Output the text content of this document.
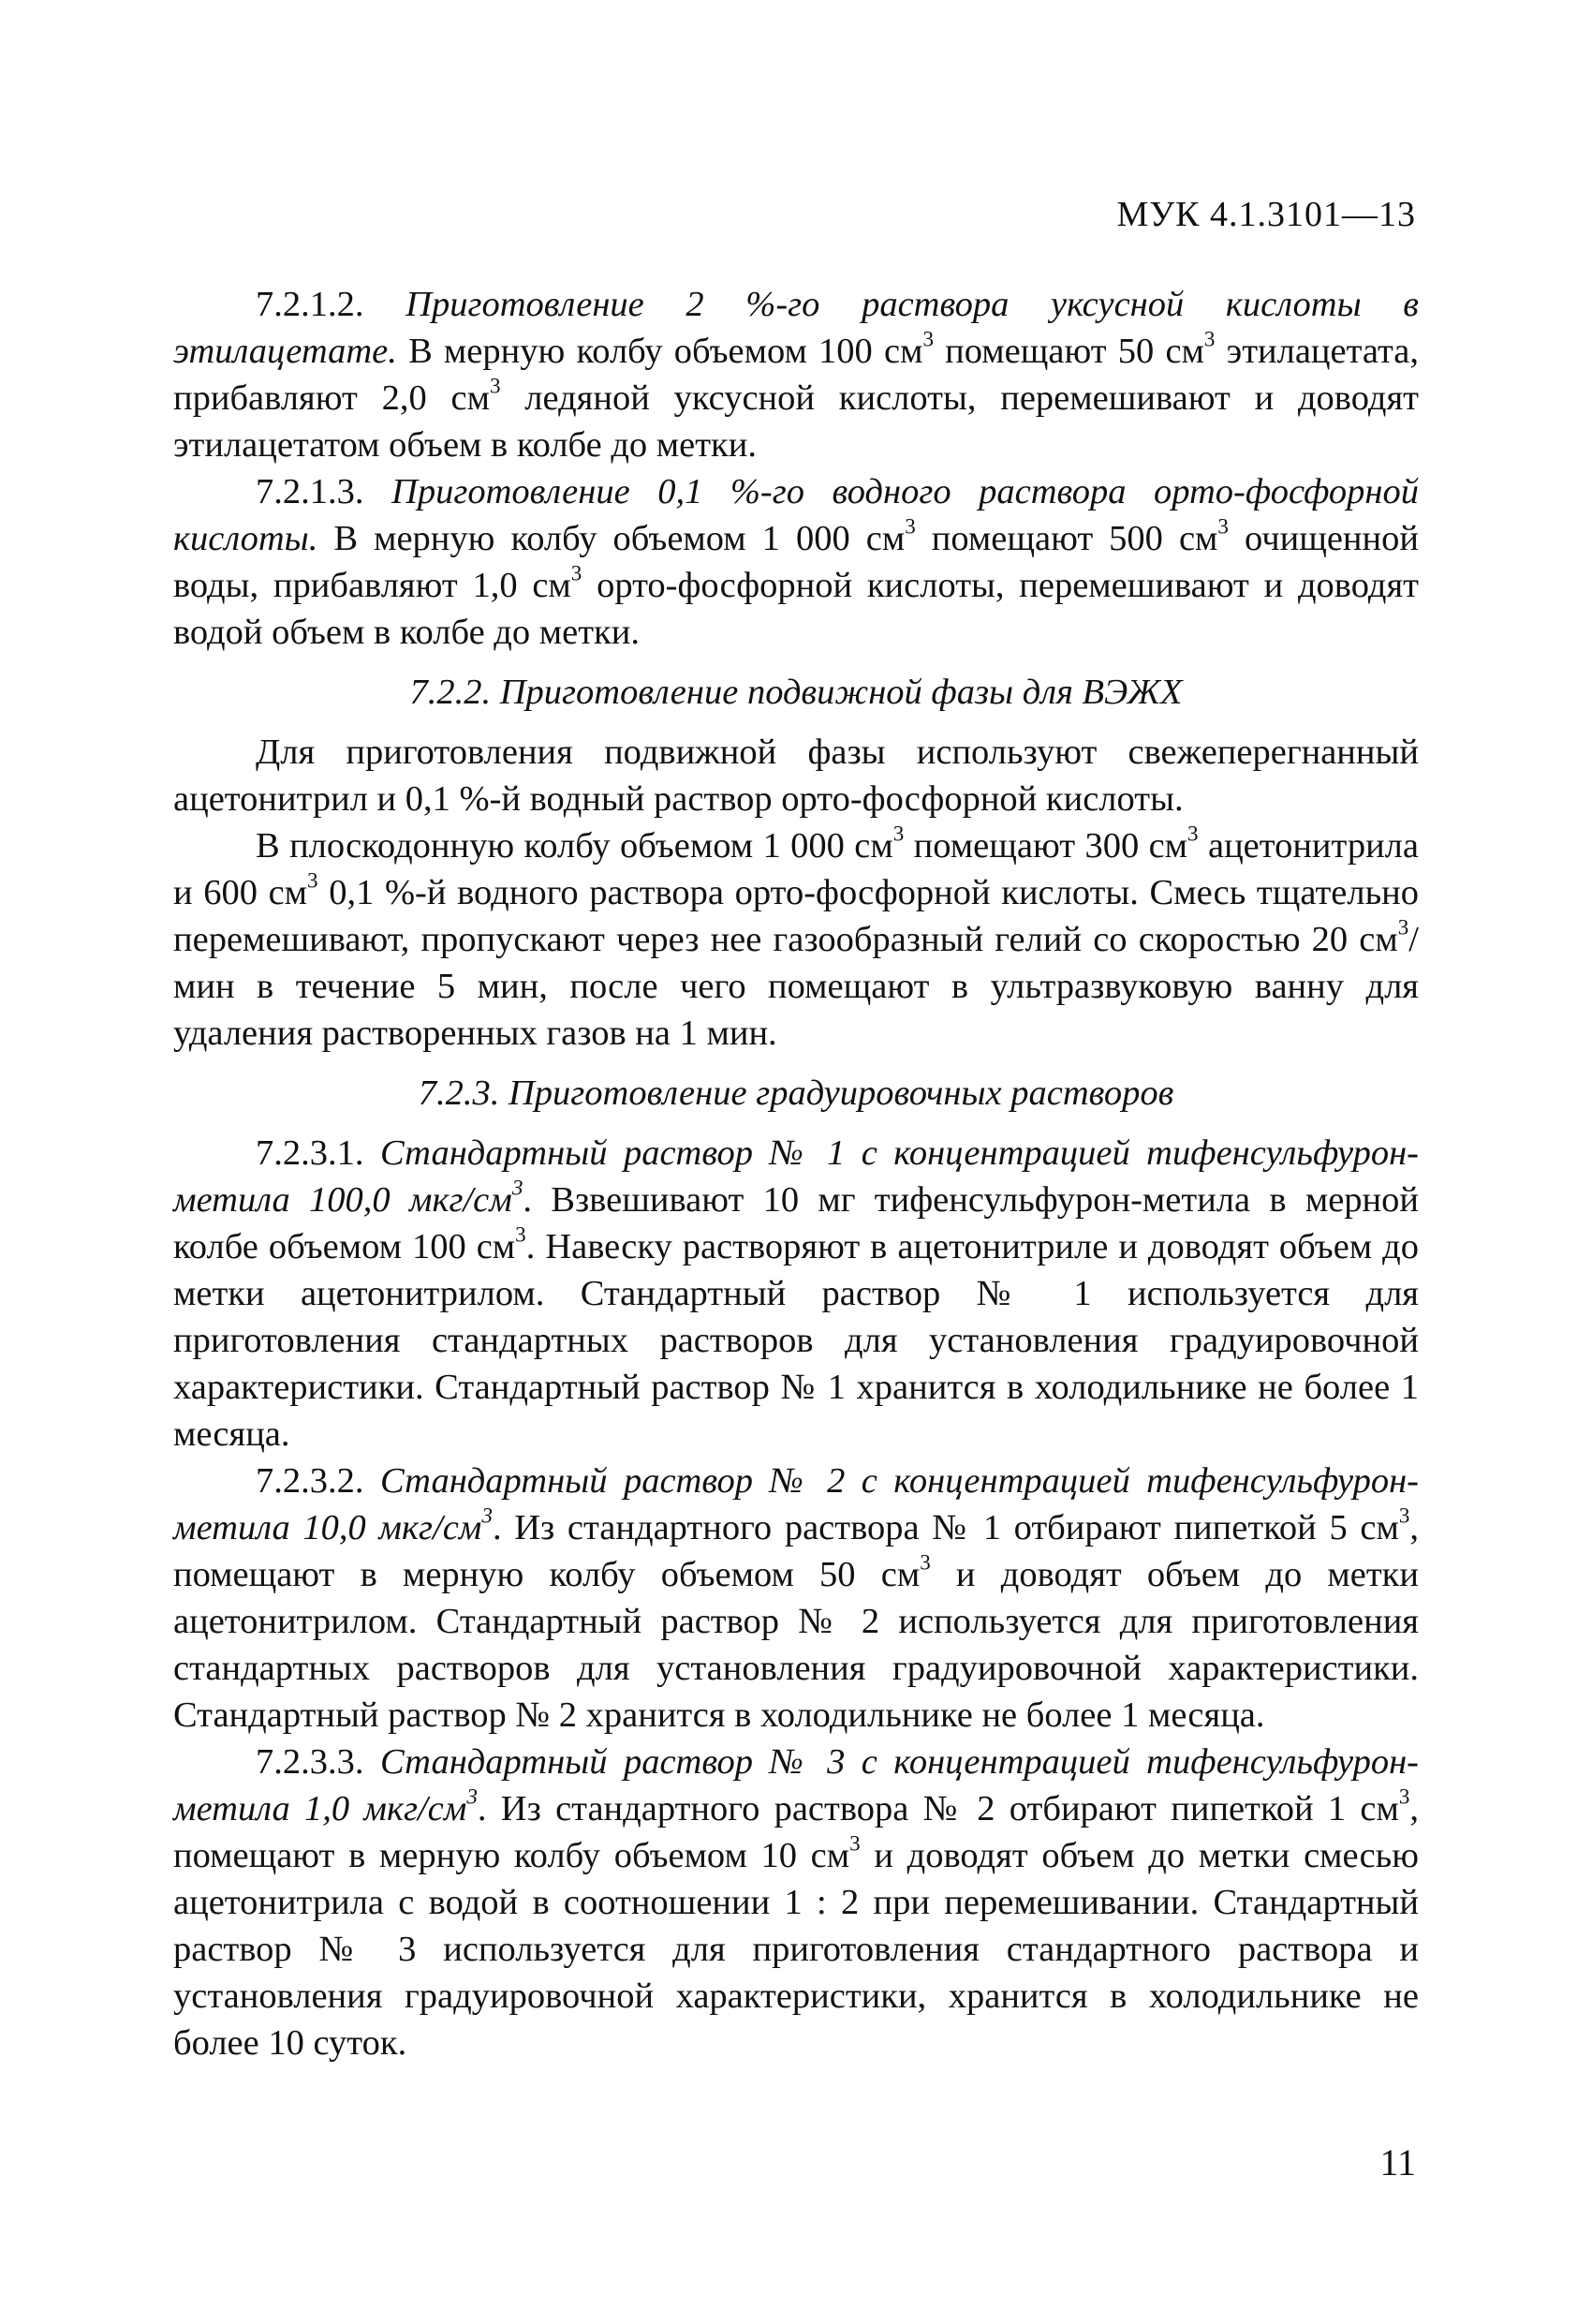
МУК 4.1.3101—13

7.2.1.2. Приготовление 2 %-го раствора уксусной кислоты в этилацетате. В мерную колбу объемом 100 $см^3$ помещают 50 $см^3$ этилацетата, прибавляют 2,0 $см^3$ ледяной уксусной кислоты, перемешивают и доводят этилацетатом объем в колбе до метки.

7.2.1.3. Приготовление 0,1 %-го водного раствора орто-фосфорной кислоты. В мерную колбу объемом 1 000 $см^3$ помещают 500 $см^3$ очищенной воды, прибавляют 1,0 $см^3$ орто-фосфорной кислоты, перемешивают и доводят водой объем в колбе до метки.

7.2.2. Приготовление подвижной фазы для ВЭЖХ

Для приготовления подвижной фазы используют свежеперегнанный ацетонитрил и 0,1 %-й водный раствор орто-фосфорной кислоты.

В плоскодонную колбу объемом 1 000 $см^3$ помещают 300 $см^3$ ацетонитрила и 600 $см^3$ 0,1 %-й водного раствора орто-фосфорной кислоты. Смесь тщательно перемешивают, пропускают через нее газообразный гелий со скоростью 20 $см^3$/мин в течение 5 мин, после чего помещают в ультразвуковую ванну для удаления растворенных газов на 1 мин.

7.2.3. Приготовление градуировочных растворов

7.2.3.1. Стандартный раствор № 1 с концентрацией тифенсульфурон-метила 100,0 мкг/$см^3$. Взвешивают 10 мг тифенсульфурон-метила в мерной колбе объемом 100 $см^3$. Навеску растворяют в ацетонитриле и доводят объем до метки ацетонитрилом. Стандартный раствор № 1 используется для приготовления стандартных растворов для установления градуировочной характеристики. Стандартный раствор № 1 хранится в холодильнике не более 1 месяца.

7.2.3.2. Стандартный раствор № 2 с концентрацией тифенсульфурон-метила 10,0 мкг/$см^3$. Из стандартного раствора № 1 отбирают пипеткой 5 $см^3$, помещают в мерную колбу объемом 50 $см^3$ и доводят объем до метки ацетонитрилом. Стандартный раствор № 2 используется для приготовления стандартных растворов для установления градуировочной характеристики. Стандартный раствор № 2 хранится в холодильнике не более 1 месяца.

7.2.3.3. Стандартный раствор № 3 с концентрацией тифенсульфурон-метила 1,0 мкг/$см^3$. Из стандартного раствора № 2 отбирают пипеткой 1 $см^3$, помещают в мерную колбу объемом 10 $см^3$ и доводят объем до метки смесью ацетонитрила с водой в соотношении 1 : 2 при перемешивании. Стандартный раствор № 3 используется для приготовления стандартного раствора и установления градуировочной характеристики, хранится в холодильнике не более 10 суток.

11
